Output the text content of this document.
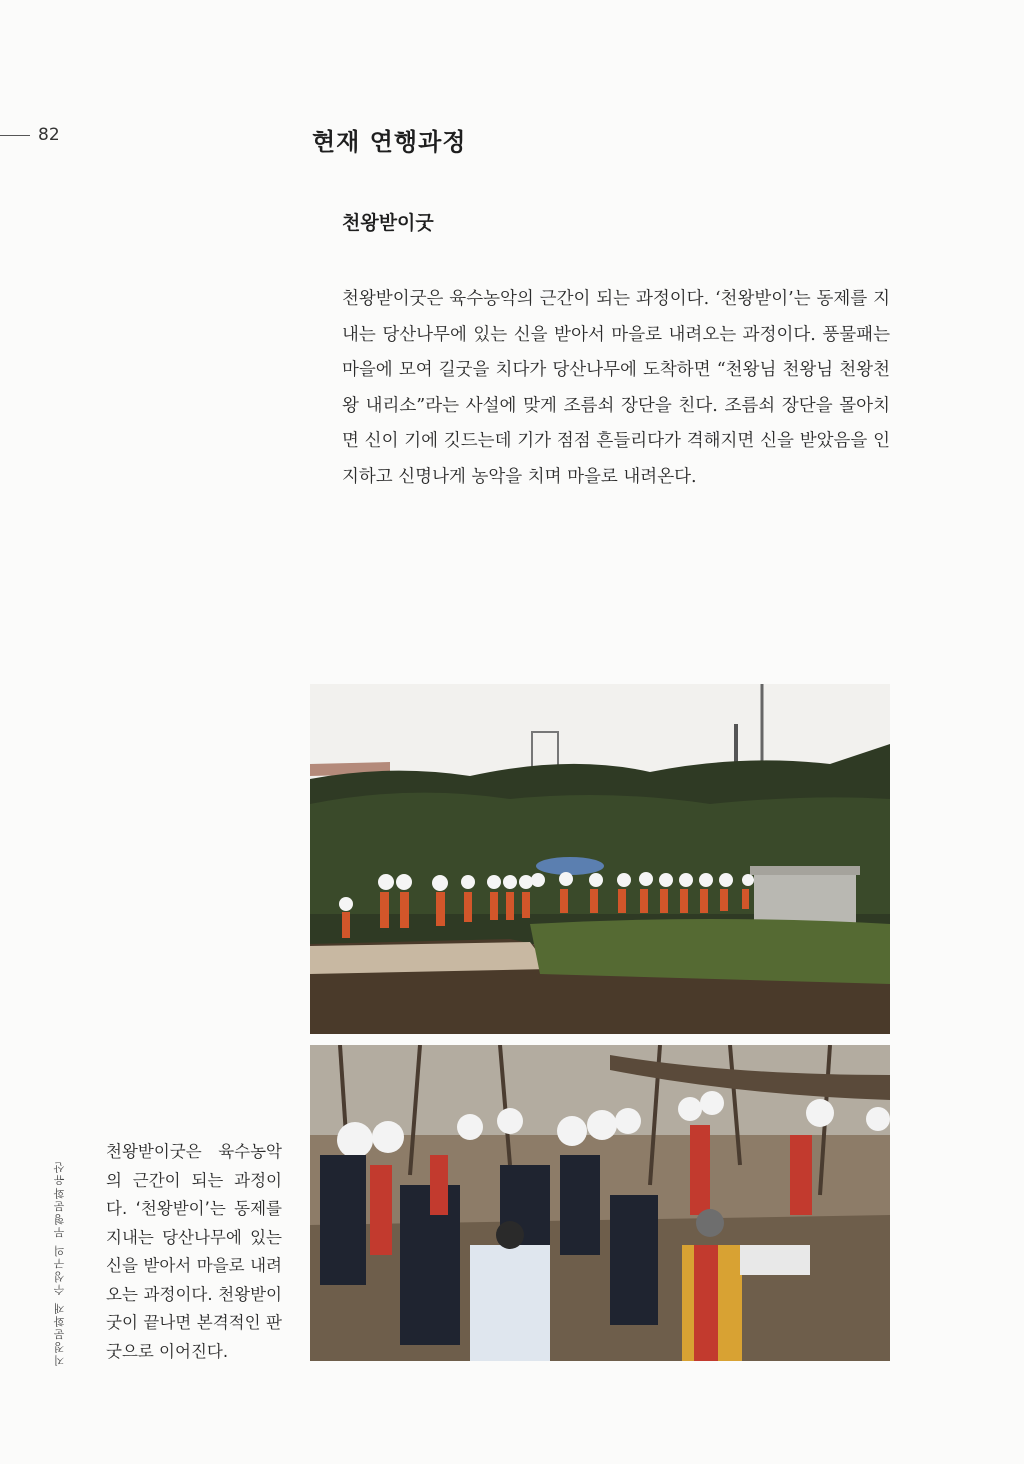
82	현재 연행과정
천왕받이굿
천왕받이굿은 육수농악의 근간이 되는 과정이다. ‘천왕받이’는 동제를 지내는 당산나무에 있는 신을 받아서 마을로 내려오는 과정이다. 풍물패는 마을에 모여 길굿을 치다가 당산나무에 도착하면 “천왕님 천왕님 천왕천왕 내리소”라는 사설에 맞게 조름쇠 장단을 친다. 조름쇠 장단을 몰아치면 신이 기에 깃드는데 기가 점점 흔들리다가 격해지면 신을 받았음을 인지하고 신명나게 농악을 치며 마을로 내려온다.
지정문화재 수성구의 무형문화유산
천왕받이굿은 육수농악의 근간이 되는 과정이다. ‘천왕받이’는 동제를 지내는 당산나무에 있는 신을 받아서 마을로 내려오는 과정이다. 천왕받이굿이 끝나면 본격적인 판굿으로 이어진다.
